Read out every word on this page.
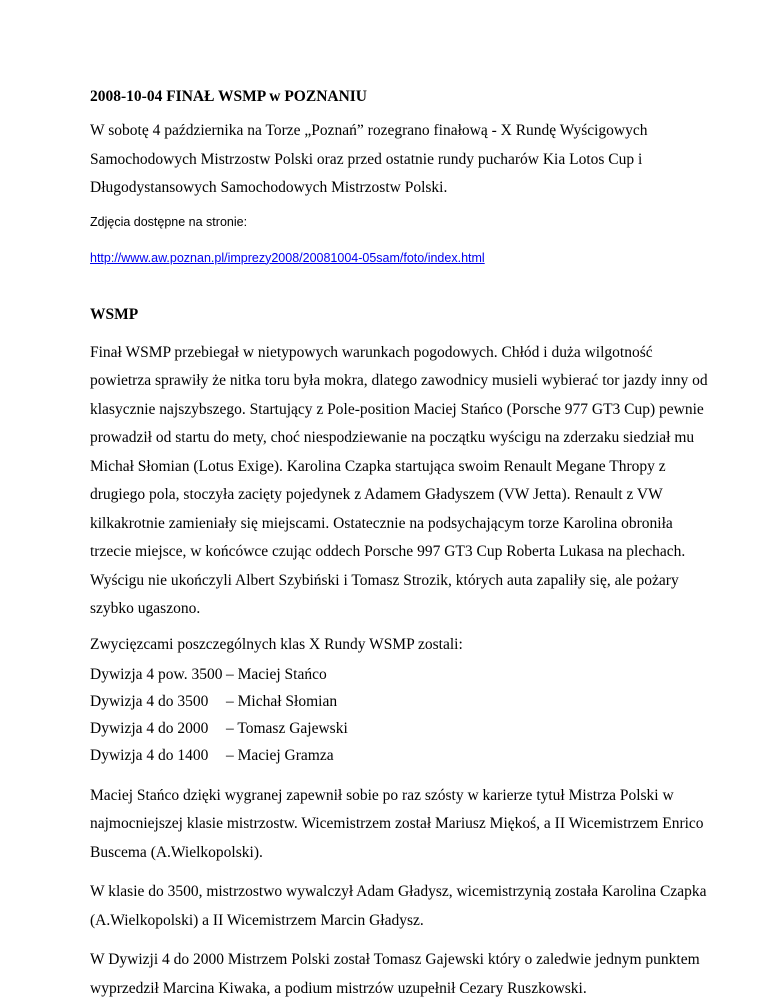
2008-10-04 FINAŁ WSMP w POZNANIU

W sobotę 4 października na Torze „Poznań” rozegrano finałową - X Rundę Wyścigowych Samochodowych Mistrzostw Polski oraz przed ostatnie rundy pucharów Kia Lotos Cup i Długodystansowych Samochodowych Mistrzostw Polski.

Zdjęcia dostępne na stronie:

http://www.aw.poznan.pl/imprezy2008/20081004-05sam/foto/index.html

WSMP

Finał WSMP przebiegał w nietypowych warunkach pogodowych. Chłód i duża wilgotność powietrza sprawiły że nitka toru była mokra, dlatego zawodnicy musieli wybierać tor jazdy inny od klasycznie najszybszego. Startujący z Pole-position Maciej Stańco (Porsche 977 GT3 Cup) pewnie prowadził od startu do mety, choć niespodziewanie na początku wyścigu na zderzaku siedział mu Michał Słomian (Lotus Exige). Karolina Czapka startująca swoim Renault Megane Thropy z drugiego pola, stoczyła zacięty pojedynek z Adamem Gładyszem (VW Jetta). Renault z VW kilkakrotnie zamieniały się miejscami. Ostatecznie na podsychającym torze Karolina obroniła trzecie miejsce, w końcówce czując oddech Porsche 997 GT3 Cup Roberta Lukasa na plechach. Wyścigu nie ukończyli Albert Szybiński i Tomasz Strozik, których auta zapaliły się, ale pożary szybko ugaszono.

Zwycięzcami poszczególnych klas X Rundy WSMP zostali:

Dywizja 4 pow. 3500 – Maciej Stańco
Dywizja 4 do 3500	– Michał Słomian
Dywizja 4 do 2000	– Tomasz Gajewski
Dywizja 4 do 1400	– Maciej Gramza

Maciej Stańco dzięki wygranej zapewnił sobie po raz szósty w karierze tytuł Mistrza Polski w najmocniejszej klasie mistrzostw. Wicemistrzem został Mariusz Miękoś, a II Wicemistrzem Enrico Buscema (A.Wielkopolski).

W klasie do 3500, mistrzostwo wywalczył Adam Gładysz, wicemistrzynią została Karolina Czapka (A.Wielkopolski) a II Wicemistrzem Marcin Gładysz.

W Dywizji 4 do 2000 Mistrzem Polski został Tomasz Gajewski który o zaledwie jednym punktem wyprzedził Marcina Kiwaka, a podium mistrzów uzupełnił Cezary Ruszkowski.
